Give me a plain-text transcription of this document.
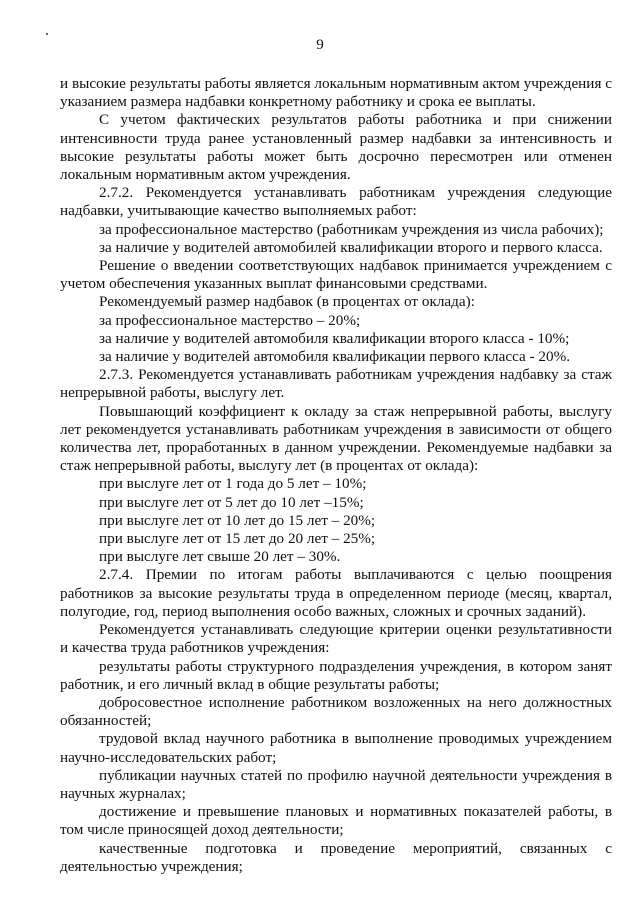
9

и высокие результаты работы является локальным нормативным актом учреждения с указанием размера надбавки конкретному работнику и срока ее выплаты.

С учетом фактических результатов работы работника и при снижении интенсивности труда ранее установленный размер надбавки за интенсивность и высокие результаты работы может быть досрочно пересмотрен или отменен локальным нормативным актом учреждения.

2.7.2. Рекомендуется устанавливать работникам учреждения следующие надбавки, учитывающие качество выполняемых работ:

за профессиональное мастерство (работникам учреждения из числа рабочих);

за наличие у водителей автомобилей квалификации второго и первого класса.

Решение о введении соответствующих надбавок принимается учреждением с учетом обеспечения указанных выплат финансовыми средствами.

Рекомендуемый размер надбавок (в процентах от оклада):

за профессиональное мастерство – 20%;

за наличие у водителей автомобиля квалификации второго класса - 10%;

за наличие у водителей автомобиля квалификации первого класса - 20%.

2.7.3. Рекомендуется устанавливать работникам учреждения надбавку за стаж непрерывной работы, выслугу лет.

Повышающий коэффициент к окладу за стаж непрерывной работы, выслугу лет рекомендуется устанавливать работникам учреждения в зависимости от общего количества лет, проработанных в данном учреждении. Рекомендуемые надбавки за стаж непрерывной работы, выслугу лет (в процентах от оклада):

при выслуге лет от 1 года до 5 лет – 10%;

при выслуге лет от 5 лет до 10 лет –15%;

при выслуге лет от 10 лет до 15 лет – 20%;

при выслуге лет от 15 лет до 20 лет – 25%;

при выслуге лет свыше 20 лет – 30%.

2.7.4. Премии по итогам работы выплачиваются с целью поощрения работников за высокие результаты труда в определенном периоде (месяц, квартал, полугодие, год, период выполнения особо важных, сложных и срочных заданий).

Рекомендуется устанавливать следующие критерии оценки результативности и качества труда работников учреждения:

результаты работы структурного подразделения учреждения, в котором занят работник, и его личный вклад в общие результаты работы;

добросовестное исполнение работником возложенных на него должностных обязанностей;

трудовой вклад научного работника в выполнение проводимых учреждением научно-исследовательских работ;

публикации научных статей по профилю научной деятельности учреждения в научных журналах;

достижение и превышение плановых и нормативных показателей работы, в том числе приносящей доход деятельности;

качественные подготовка и проведение мероприятий, связанных с деятельностью учреждения;
